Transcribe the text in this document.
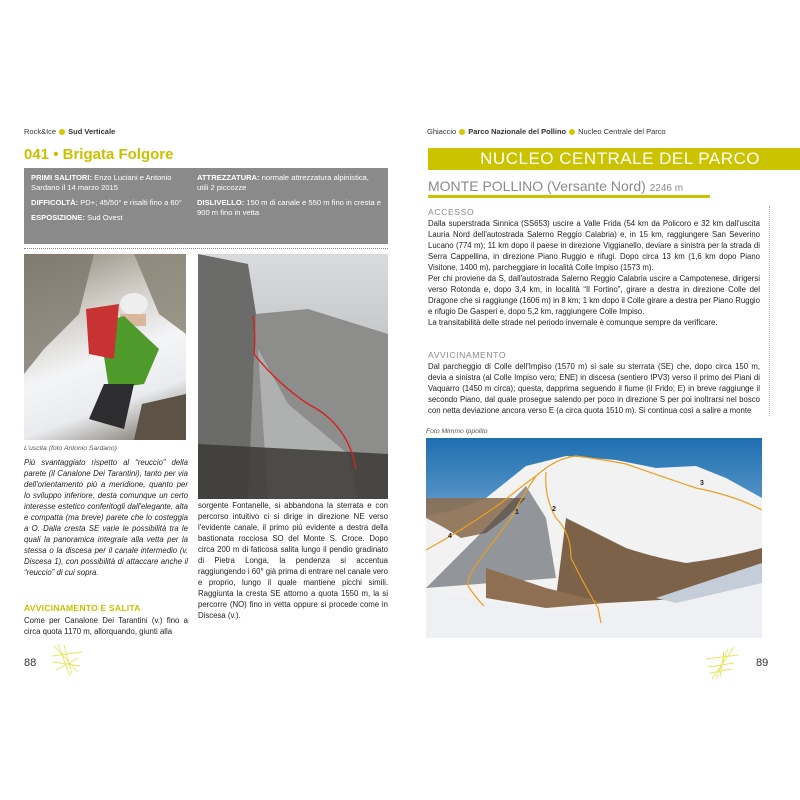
Rock&Ice Sud Verticale
041 • Brigata Folgore

PRIMI SALITORI: Enzo Luciani e Antonio Sardano il 14 marzo 2015

DIFFICOLTÀ: PD+; 45/50° e risalti fino a 60°

ESPOSIZIONE: Sud Ovest

ATTREZZATURA: normale attrezzatura alpinistica, utili 2 piccozze

DISLIVELLO: 150 m di canale e 550 m fino in cresta e 900 m fino in vetta

L'uscita (foto Antonio Sardano)
Più svantaggiato rispetto al “reuccio” della parete (il Canalone Dei Tarantini), tanto per via dell'orientamento più a meridione, quanto per lo sviluppo inferiore, desta comunque un certo interesse estetico conferitogli dall'elegante, alta e compatta (ma breve) parete che lo costeggia a O. Dalla cresta SE varie le possibilità tra le quali la panoramica integrale alla vetta per la stessa o la discesa per il canale intermedio (v. Discesa 1), con possibilità di attaccare anche il “reuccio” di cui sopra.
AVVICINAMENTO E SALITA
Come per Canalone Dei Tarantini (v.) fino a circa quota 1170 m, allorquando, giunti alla
sorgente Fontanelle, si abbandona la sterrata e con percorso intuitivo ci si dirige in direzione NE verso l'evidente canale, il primo più evidente a destra della bastionata rocciosa SO del Monte S. Croce. Dopo circa 200 m di faticosa salita lungo il pendio gradinato di Pietra Longa, la pendenza si accentua raggiungendo i 60° già prima di entrare nel canale vero e proprio, lungo il quale mantiene picchi simili. Raggiunta la cresta SE attorno a quota 1550 m, la si percorre (NO) fino in vetta oppure si procede come in Discesa (v.).
88
Ghiaccio Parco Nazionale del Pollino Nucleo Centrale del Parco
NUCLEO CENTRALE DEL PARCO
MONTE POLLINO (Versante Nord) 2246 m
ACCESSO
Dalla superstrada Sinnica (SS653) uscire a Valle Frida (54 km da Policoro e 32 km dall'uscita Lauria Nord dell'autostrada Salerno Reggio Calabria) e, in 15 km, raggiungere San Severino Lucano (774 m); 11 km dopo il paese in direzione Viggianello, deviare a sinistra per la strada di Serra Cappellina, in direzione Piano Ruggio e rifugi. Dopo circa 13 km (1,6 km dopo Piano Visitone, 1400 m), parcheggiare in località Colle Impiso (1573 m).
Per chi proviene da S, dall'autostrada Salerno Reggio Calabria uscire a Campotenese, dirigersi verso Rotonda e, dopo 3,4 km, in località “Il Fortino”, girare a destra in direzione Colle del Dragone che si raggiunge (1606 m) in 8 km; 1 km dopo il Colle girare a destra per Piano Ruggio e rifugio De Gasperi e, dopo 5,2 km, raggiungere Colle Impiso.
La transitabilità delle strade nel periodo invernale è comunque sempre da verificare.
AVVICINAMENTO
Dal parcheggio di Colle dell'Impiso (1570 m) si sale su sterrata (SE) che, dopo circa 150 m, devia a sinistra (al Colle Impiso vero; ENE) in discesa (sentiero IPV3) verso il primo dei Piani di Vaquarro (1450 m circa); questa, dapprima seguendo il fiume (il Frido; E) in breve raggiunge il secondo Piano, dal quale prosegue salendo per poco in direzione S per poi inoltrarsi nel bosco con netta deviazione ancora verso E (a circa quota 1510 m). Si continua così a salire a monte
Foto Mimmo Ippolito
1	2
3
4
89
